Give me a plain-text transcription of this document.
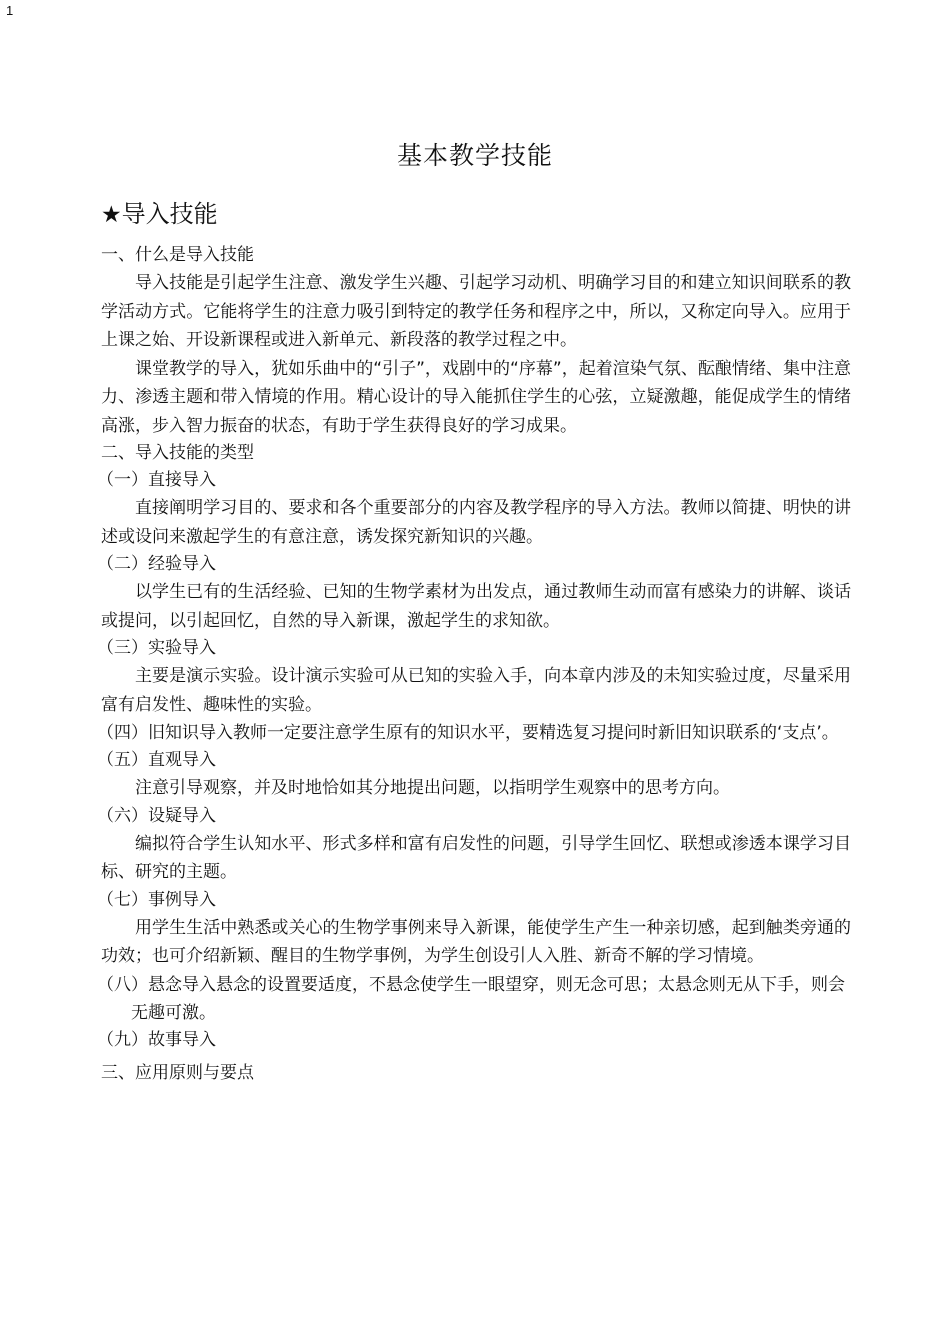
1
基本教学技能
★导入技能
一、什么是导入技能
导入技能是引起学生注意、激发学生兴趣、引起学习动机、明确学习目的和建立知识间联系的教学活动方式。它能将学生的注意力吸引到特定的教学任务和程序之中，所以，又称定向导入。应用于上课之始、开设新课程或进入新单元、新段落的教学过程之中。
课堂教学的导入，犹如乐曲中的“引子”，戏剧中的“序幕”，起着渲染气氛、酝酿情绪、集中注意力、渗透主题和带入情境的作用。精心设计的导入能抓住学生的心弦，立疑激趣，能促成学生的情绪高涨，步入智力振奋的状态，有助于学生获得良好的学习成果。
二、导入技能的类型
（一）直接导入
直接阐明学习目的、要求和各个重要部分的内容及教学程序的导入方法。教师以简捷、明快的讲述或设问来激起学生的有意注意，诱发探究新知识的兴趣。
（二）经验导入
以学生已有的生活经验、已知的生物学素材为出发点，通过教师生动而富有感染力的讲解、谈话或提问，以引起回忆，自然的导入新课，激起学生的求知欲。
（三）实验导入
主要是演示实验。设计演示实验可从已知的实验入手，向本章内涉及的未知实验过度，尽量采用富有启发性、趣味性的实验。
（四）旧知识导入教师一定要注意学生原有的知识水平，要精选复习提问时新旧知识联系的‘支点’。
（五）直观导入
注意引导观察，并及时地恰如其分地提出问题，以指明学生观察中的思考方向。
（六）设疑导入
编拟符合学生认知水平、形式多样和富有启发性的问题，引导学生回忆、联想或渗透本课学习目标、研究的主题。
（七）事例导入
用学生生活中熟悉或关心的生物学事例来导入新课，能使学生产生一种亲切感，起到触类旁通的功效；也可介绍新颖、醒目的生物学事例，为学生创设引人入胜、新奇不解的学习情境。
（八）悬念导入悬念的设置要适度，不悬念使学生一眼望穿，则无念可思；太悬念则无从下手，则会无趣可激。
（九）故事导入
三、应用原则与要点
